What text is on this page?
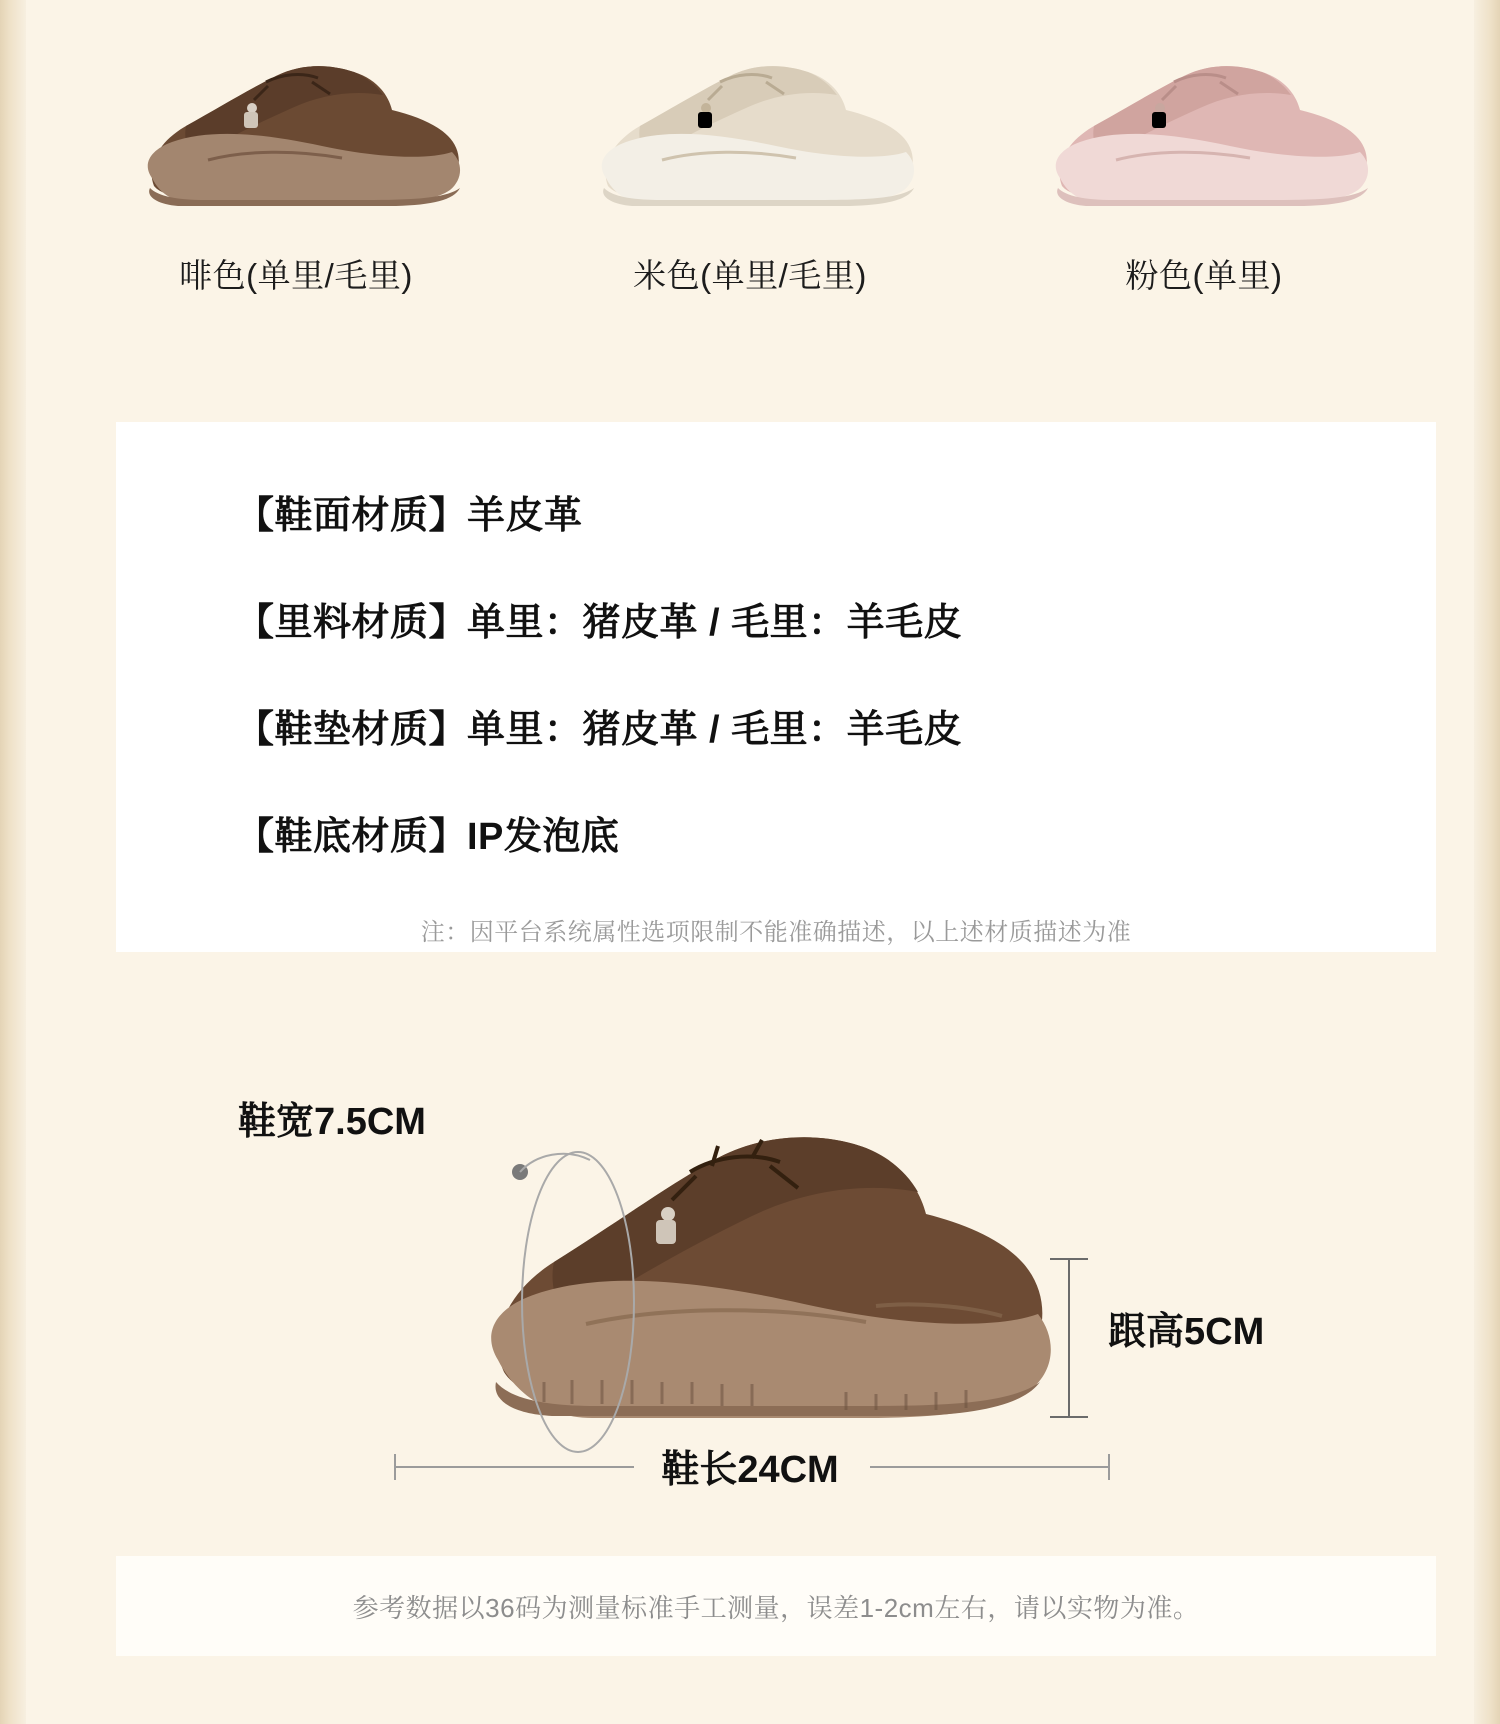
啡色(单里/毛里)	米色(单里/毛里)	粉色(单里)
【鞋面材质】羊皮革
【里料材质】单里：猪皮革 / 毛里：羊毛皮
【鞋垫材质】单里：猪皮革 / 毛里：羊毛皮
【鞋底材质】IP发泡底
注：因平台系统属性选项限制不能准确描述，以上述材质描述为准
鞋宽7.5CM
跟高5CM
鞋长24CM
参考数据以36码为测量标准手工测量，误差1-2cm左右，请以实物为准。
